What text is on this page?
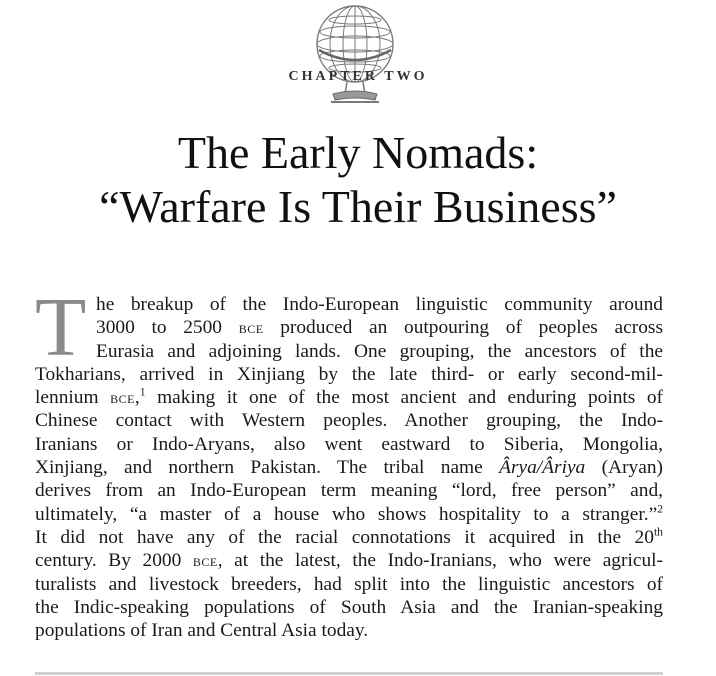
CHAPTER TWO
The Early Nomads:
“Warfare Is Their Business”
T he breakup of the Indo-European linguistic community around
3000 to 2500 bce produced an outpouring of peoples across
Eurasia and adjoining lands. One grouping, the ancestors of the
Tokharians, arrived in Xinjiang by the late third- or early second-mil-
lennium bce,$^1$ making it one of the most ancient and enduring points of
Chinese contact with Western peoples. Another grouping, the Indo-
Iranians or Indo-Aryans, also went eastward to Siberia, Mongolia,
Xinjiang, and northern Pakistan. The tribal name Ârya/Âriya (Aryan)
derives from an Indo-European term meaning “lord, free person” and,
ultimately, “a master of a house who shows hospitality to a stranger.”$^2$
It did not have any of the racial connotations it acquired in the 20th
century. By 2000 bce, at the latest, the Indo-Iranians, who were agricul-
turalists and livestock breeders, had split into the linguistic ancestors of
the Indic-speaking populations of South Asia and the Iranian-speaking
populations of Iran and Central Asia today.
